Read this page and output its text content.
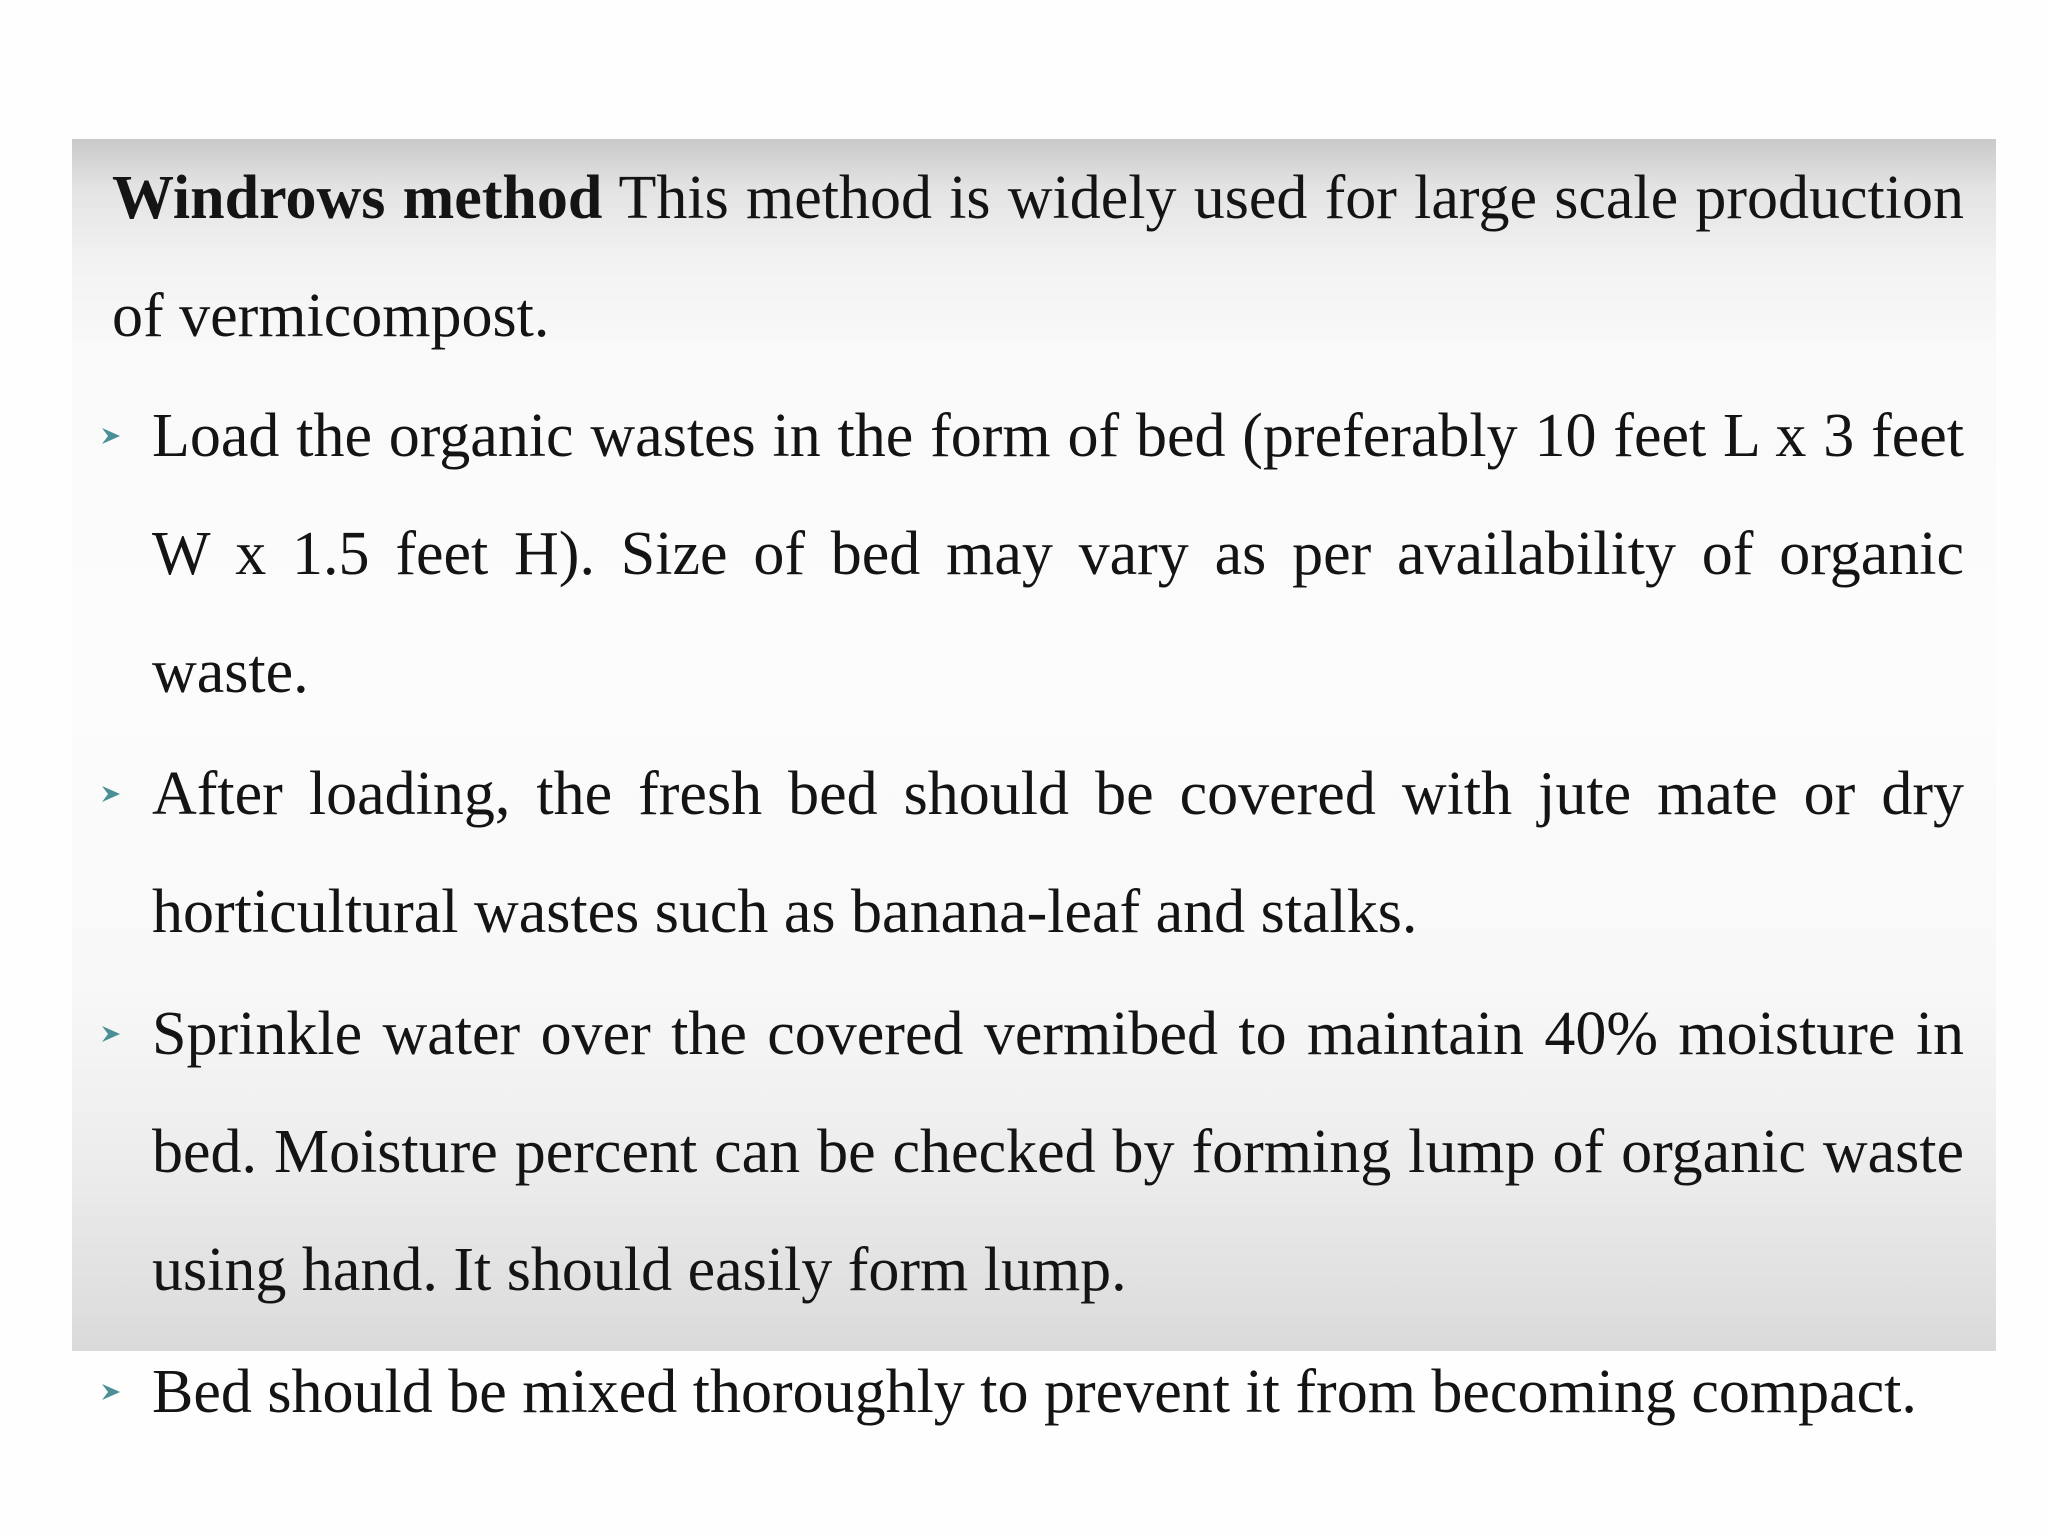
Windrows method This method is widely used for large scale production of vermicompost.

Load the organic wastes in the form of bed (preferably 10 feet L x 3 feet W x 1.5 feet H). Size of bed may vary as per availability of organic waste.
After loading, the fresh bed should be covered with jute mate or dry horticultural wastes such as banana-leaf and stalks.
Sprinkle water over the covered vermibed to maintain 40% moisture in bed. Moisture percent can be checked by forming lump of organic waste using hand. It should easily form lump.
Bed should be mixed thoroughly to prevent it from becoming compact.
